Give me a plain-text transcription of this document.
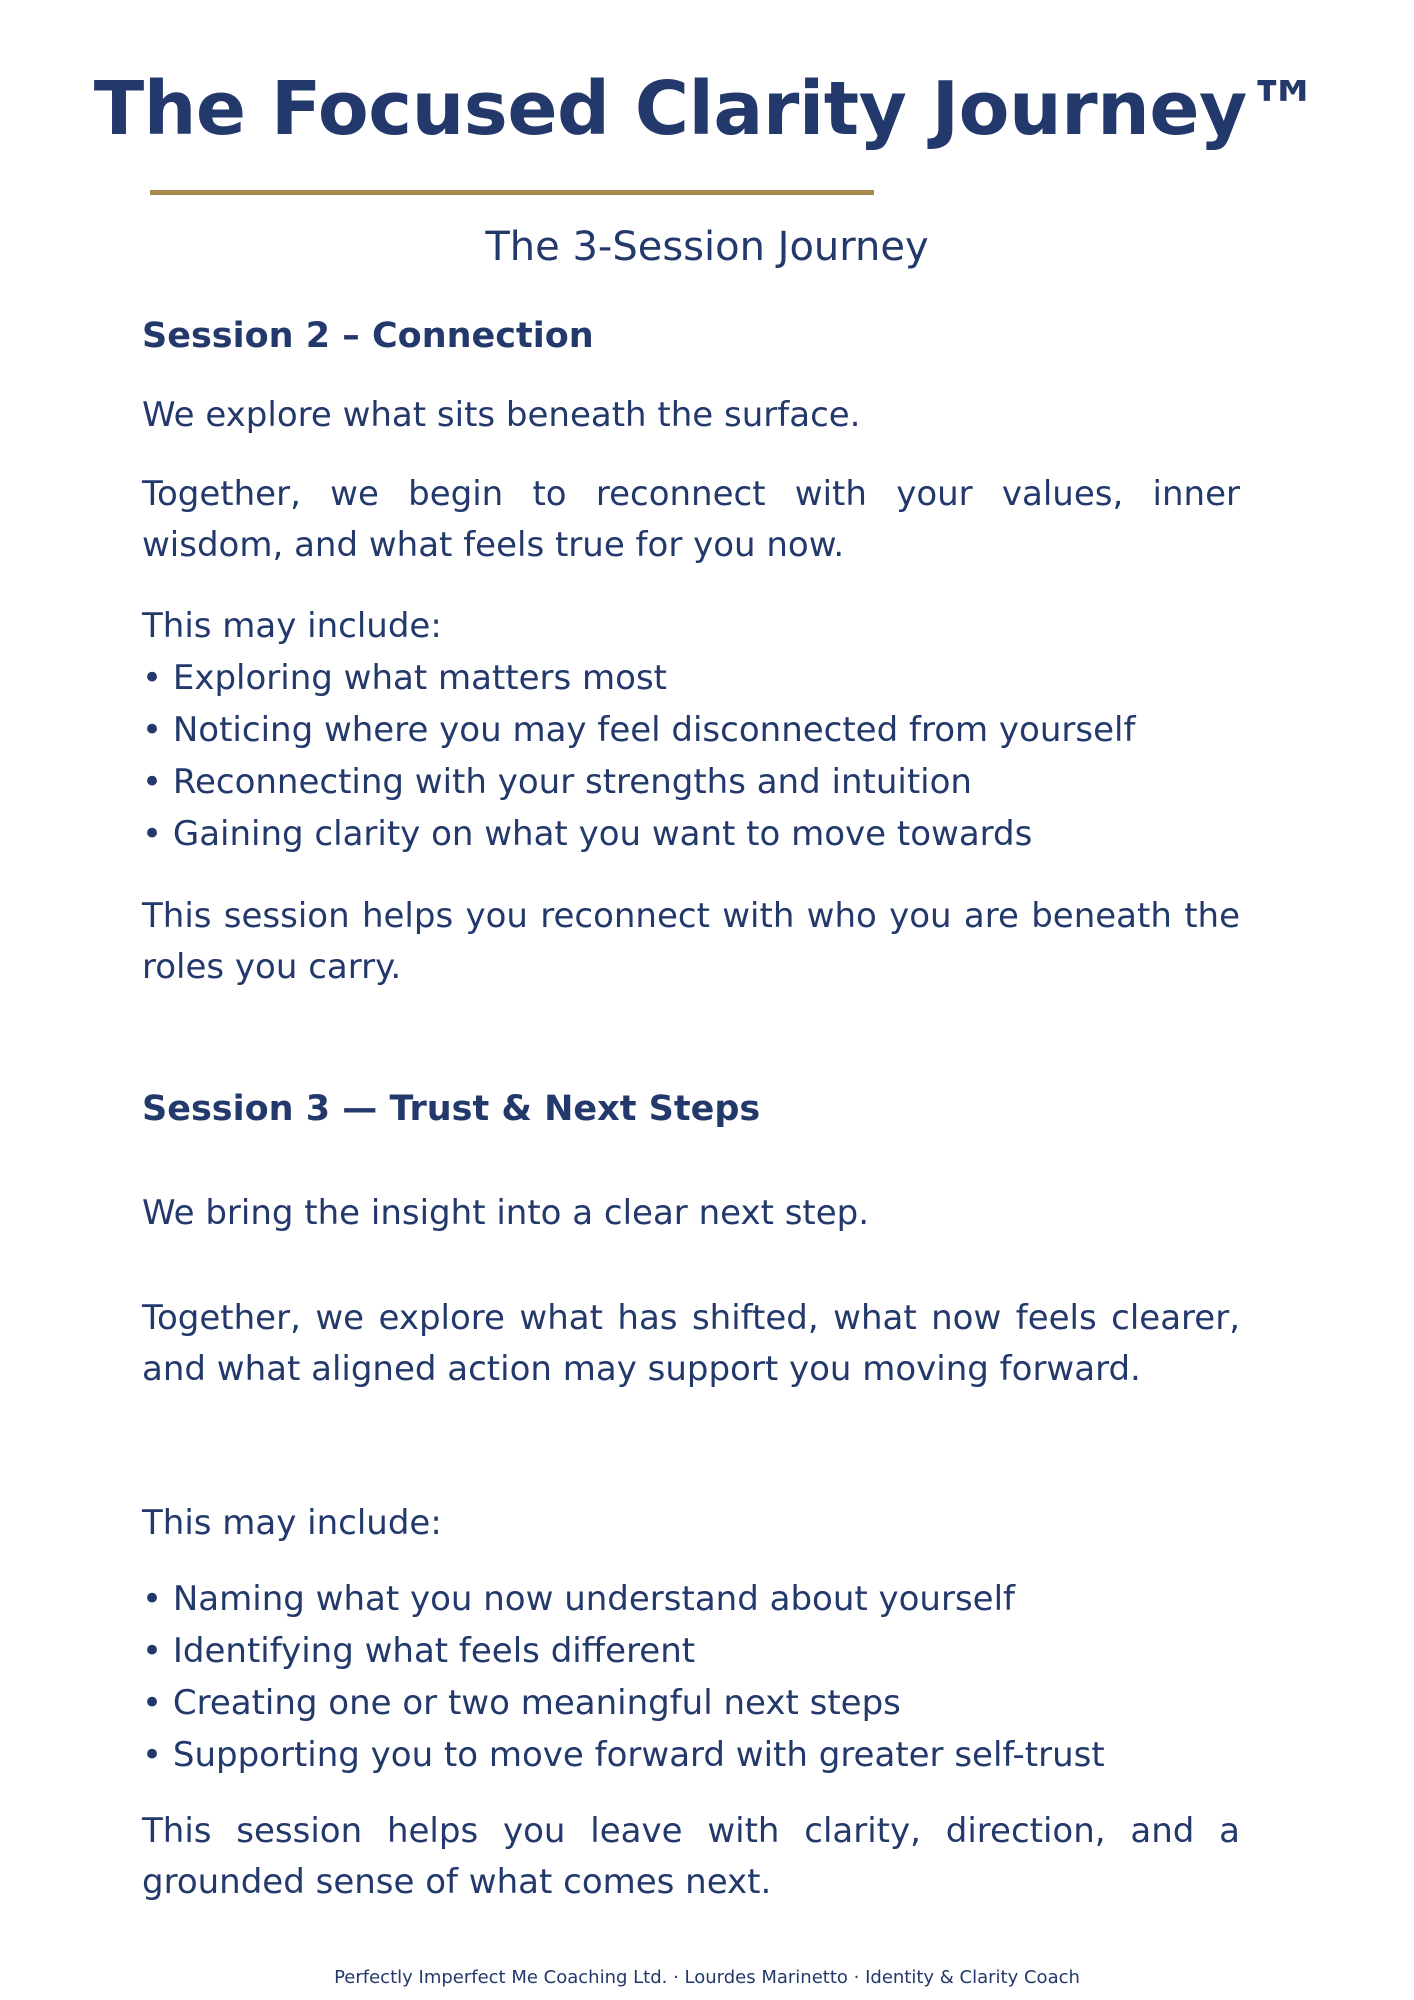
The Focused Clarity Journey™

The 3-Session Journey

Session 2 – Connection

We explore what sits beneath the surface.

Together, we begin to reconnect with your values, inner wisdom, and what feels true for you now.

This may include:

• Exploring what matters most
• Noticing where you may feel disconnected from yourself
• Reconnecting with your strengths and intuition
• Gaining clarity on what you want to move towards

This session helps you reconnect with who you are beneath the roles you carry.

Session 3 — Trust & Next Steps

We bring the insight into a clear next step.

Together, we explore what has shifted, what now feels clearer, and what aligned action may support you moving forward.

This may include:

• Naming what you now understand about yourself
• Identifying what feels different
• Creating one or two meaningful next steps
• Supporting you to move forward with greater self-trust

This session helps you leave with clarity, direction, and a grounded sense of what comes next.

Perfectly Imperfect Me Coaching Ltd. · Lourdes Marinetto · Identity & Clarity Coach
